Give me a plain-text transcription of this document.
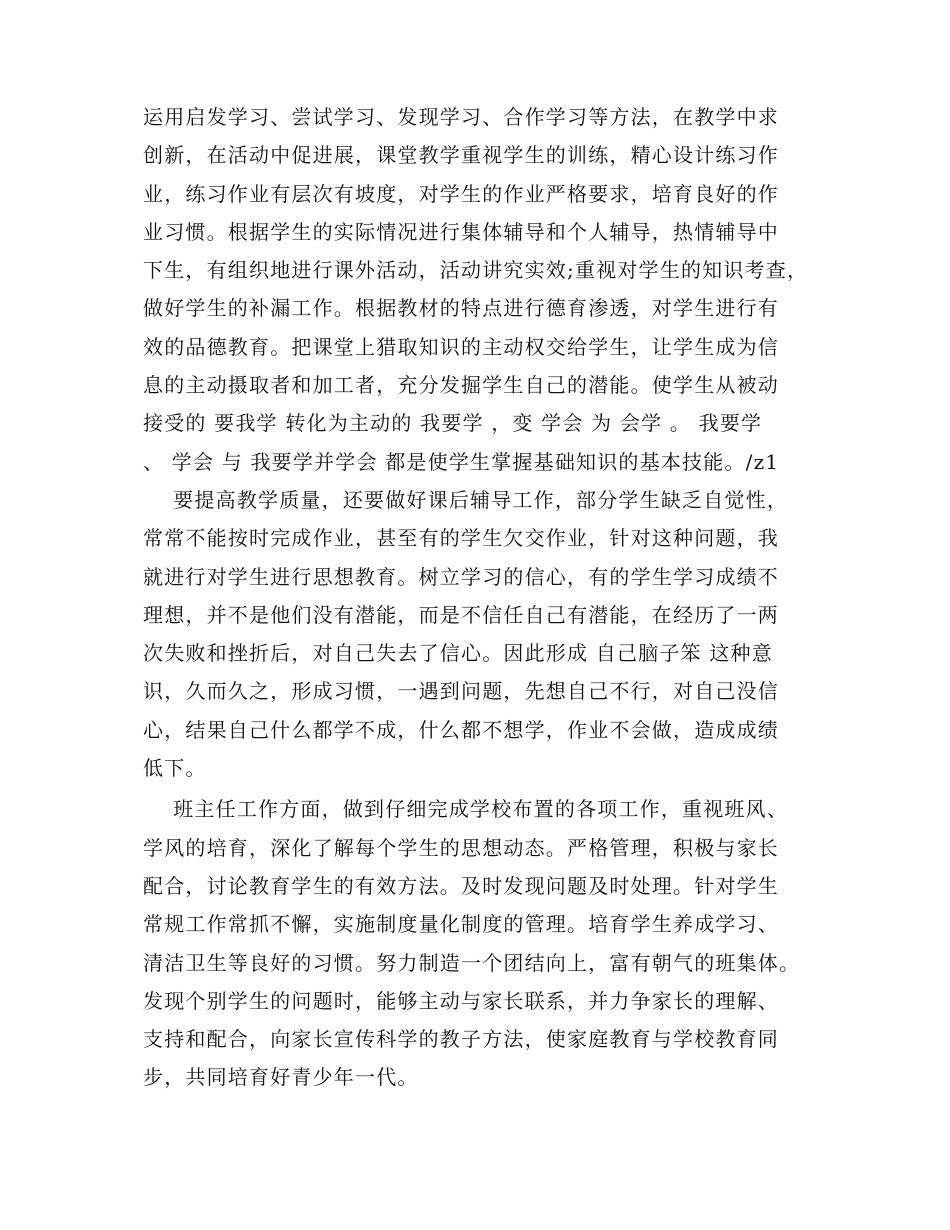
运用启发学习、尝试学习、发现学习、合作学习等方法，在教学中求
创新，在活动中促进展，课堂教学重视学生的训练，精心设计练习作
业，练习作业有层次有坡度，对学生的作业严格要求，培育良好的作
业习惯。根据学生的实际情况进行集体辅导和个人辅导，热情辅导中
下生，有组织地进行课外活动，活动讲究实效;重视对学生的知识考查，
做好学生的补漏工作。根据教材的特点进行德育渗透，对学生进行有
效的品德教育。把课堂上猎取知识的主动权交给学生，让学生成为信
息的主动摄取者和加工者，充分发掘学生自己的潜能。使学生从被动
接受的 要我学 转化为主动的 我要学 ，变 学会 为 会学 。 我要学
、 学会 与 我要学并学会 都是使学生掌握基础知识的基本技能。/z1
要提高教学质量，还要做好课后辅导工作，部分学生缺乏自觉性，
常常不能按时完成作业，甚至有的学生欠交作业，针对这种问题，我
就进行对学生进行思想教育。树立学习的信心，有的学生学习成绩不
理想，并不是他们没有潜能，而是不信任自己有潜能，在经历了一两
次失败和挫折后，对自己失去了信心。因此形成 自己脑子笨 这种意
识，久而久之，形成习惯，一遇到问题，先想自己不行，对自己没信
心，结果自己什么都学不成，什么都不想学，作业不会做，造成成绩
低下。
班主任工作方面，做到仔细完成学校布置的各项工作，重视班风、
学风的培育，深化了解每个学生的思想动态。严格管理，积极与家长
配合，讨论教育学生的有效方法。及时发现问题及时处理。针对学生
常规工作常抓不懈，实施制度量化制度的管理。培育学生养成学习、
清洁卫生等良好的习惯。努力制造一个团结向上，富有朝气的班集体。
发现个别学生的问题时，能够主动与家长联系，并力争家长的理解、
支持和配合，向家长宣传科学的教子方法，使家庭教育与学校教育同
步，共同培育好青少年一代。
